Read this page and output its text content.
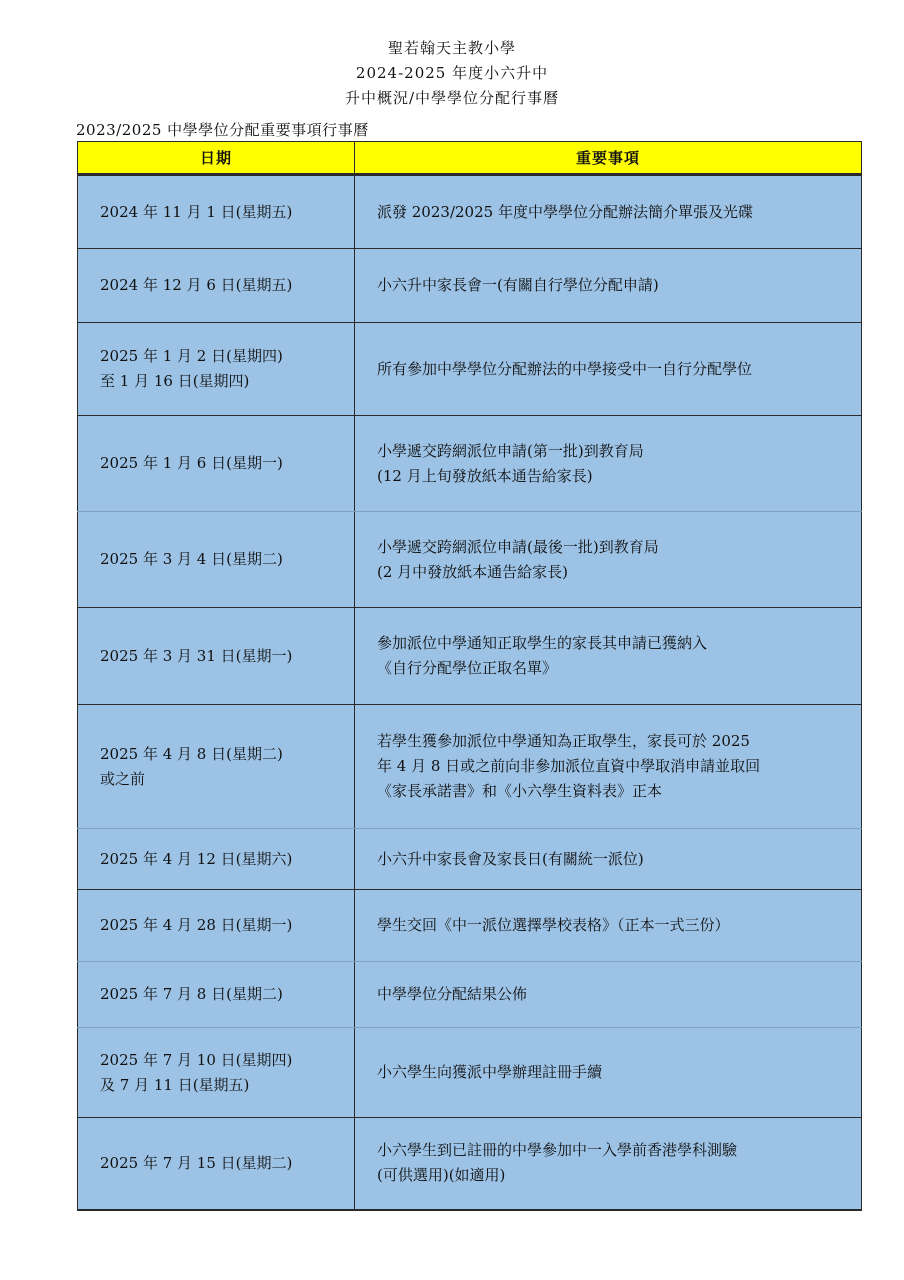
聖若翰天主教小學
2024-2025 年度小六升中
升中概況/中學學位分配行事曆
2023/2025 中學學位分配重要事項行事曆
日期	重要事項

2024 年 11 月 1 日(星期五)	派發 2023/2025 年度中學學位分配辦法簡介單張及光碟

2024 年 12 月 6 日(星期五)	小六升中家長會一(有關自行學位分配申請)

2025 年 1 月 2 日(星期四)
至 1 月 16 日(星期四)	所有參加中學學位分配辦法的中學接受中一自行分配學位

2025 年 1 月 6 日(星期一)	小學遞交跨網派位申請(第一批)到教育局
(12 月上旬發放紙本通告給家長)

2025 年 3 月 4 日(星期二)	小學遞交跨網派位申請(最後一批)到教育局
(2 月中發放紙本通告給家長)

2025 年 3 月 31 日(星期一)	參加派位中學通知正取學生的家長其申請已獲納入
《自行分配學位正取名單》

2025 年 4 月 8 日(星期二)
或之前	若學生獲參加派位中學通知為正取學生，家長可於 2025
年 4 月 8 日或之前向非參加派位直資中學取消申請並取回
《家長承諾書》和《小六學生資料表》正本

2025 年 4 月 12 日(星期六)	小六升中家長會及家長日(有關統一派位)

2025 年 4 月 28 日(星期一)	學生交回《中一派位選擇學校表格》（正本一式三份）

2025 年 7 月 8 日(星期二)	中學學位分配結果公佈

2025 年 7 月 10 日(星期四)
及 7 月 11 日(星期五)	小六學生向獲派中學辦理註冊手續

2025 年 7 月 15 日(星期二)	小六學生到已註冊的中學參加中一入學前香港學科測驗
(可供選用)(如適用)
